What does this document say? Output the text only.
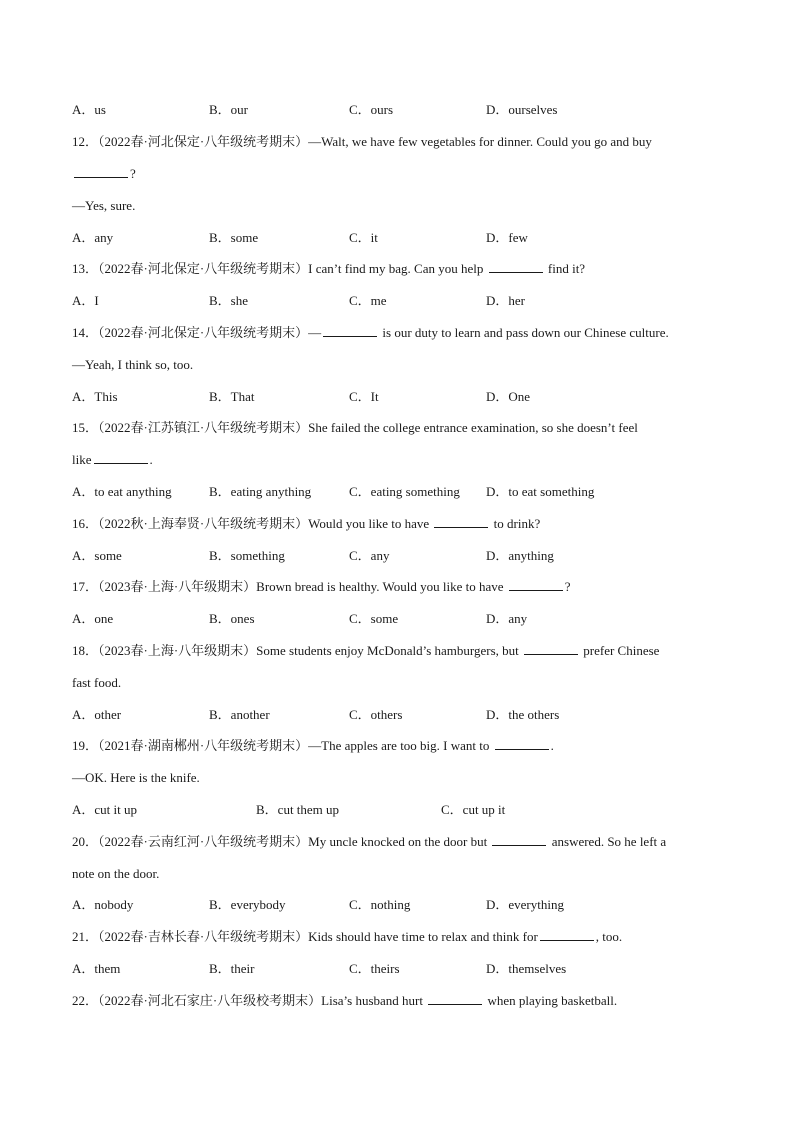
A．us	B．our	C．ours	D．ourselves
12．（2022春·河北保定·八年级统考期末）—Walt, we have few vegetables for dinner. Could you go and buy
?
—Yes, sure.
A．any	B．some	C．it	D．few
13．（2022春·河北保定·八年级统考期末）I can’t find my bag. Can you help	find it?
A．I	B．she	C．me	D．her
14．（2022春·河北保定·八年级统考期末）—	is our duty to learn and pass down our Chinese culture.
—Yeah, I think so, too.
A．This	B．That	C．It	D．One
15．（2022春·江苏镇江·八年级统考期末）She failed the college entrance examination, so she doesn’t feel
like	.
A．to eat anything	B．eating anything	C．eating something D．to eat something
16．（2022秋·上海奉贤·八年级统考期末）Would you like to have	to drink?
A．some	B．something	C．any	D．anything
17．（2023春·上海·八年级期末）Brown bread is healthy. Would you like to have	?
A．one	B．ones	C．some	D．any
18．（2023春·上海·八年级期末）Some students enjoy McDonald’s hamburgers, but	prefer Chinese
fast food.
A．other	B．another	C．others	D．the others
19．（2021春·湖南郴州·八年级统考期末）—The apples are too big. I want to	.
—OK. Here is the knife.
A．cut it up	B．cut them up	C．cut up it
20．（2022春·云南红河·八年级统考期末）My uncle knocked on the door but	answered. So he left a
note on the door.
A．nobody	B．everybody	C．nothing	D．everything
21．（2022春·吉林长春·八年级统考期末）Kids should have time to relax and think for	, too.
A．them	B．their	C．theirs	D．themselves
22．（2022春·河北石家庄·八年级校考期末）Lisa’s husband hurt	when playing basketball.
